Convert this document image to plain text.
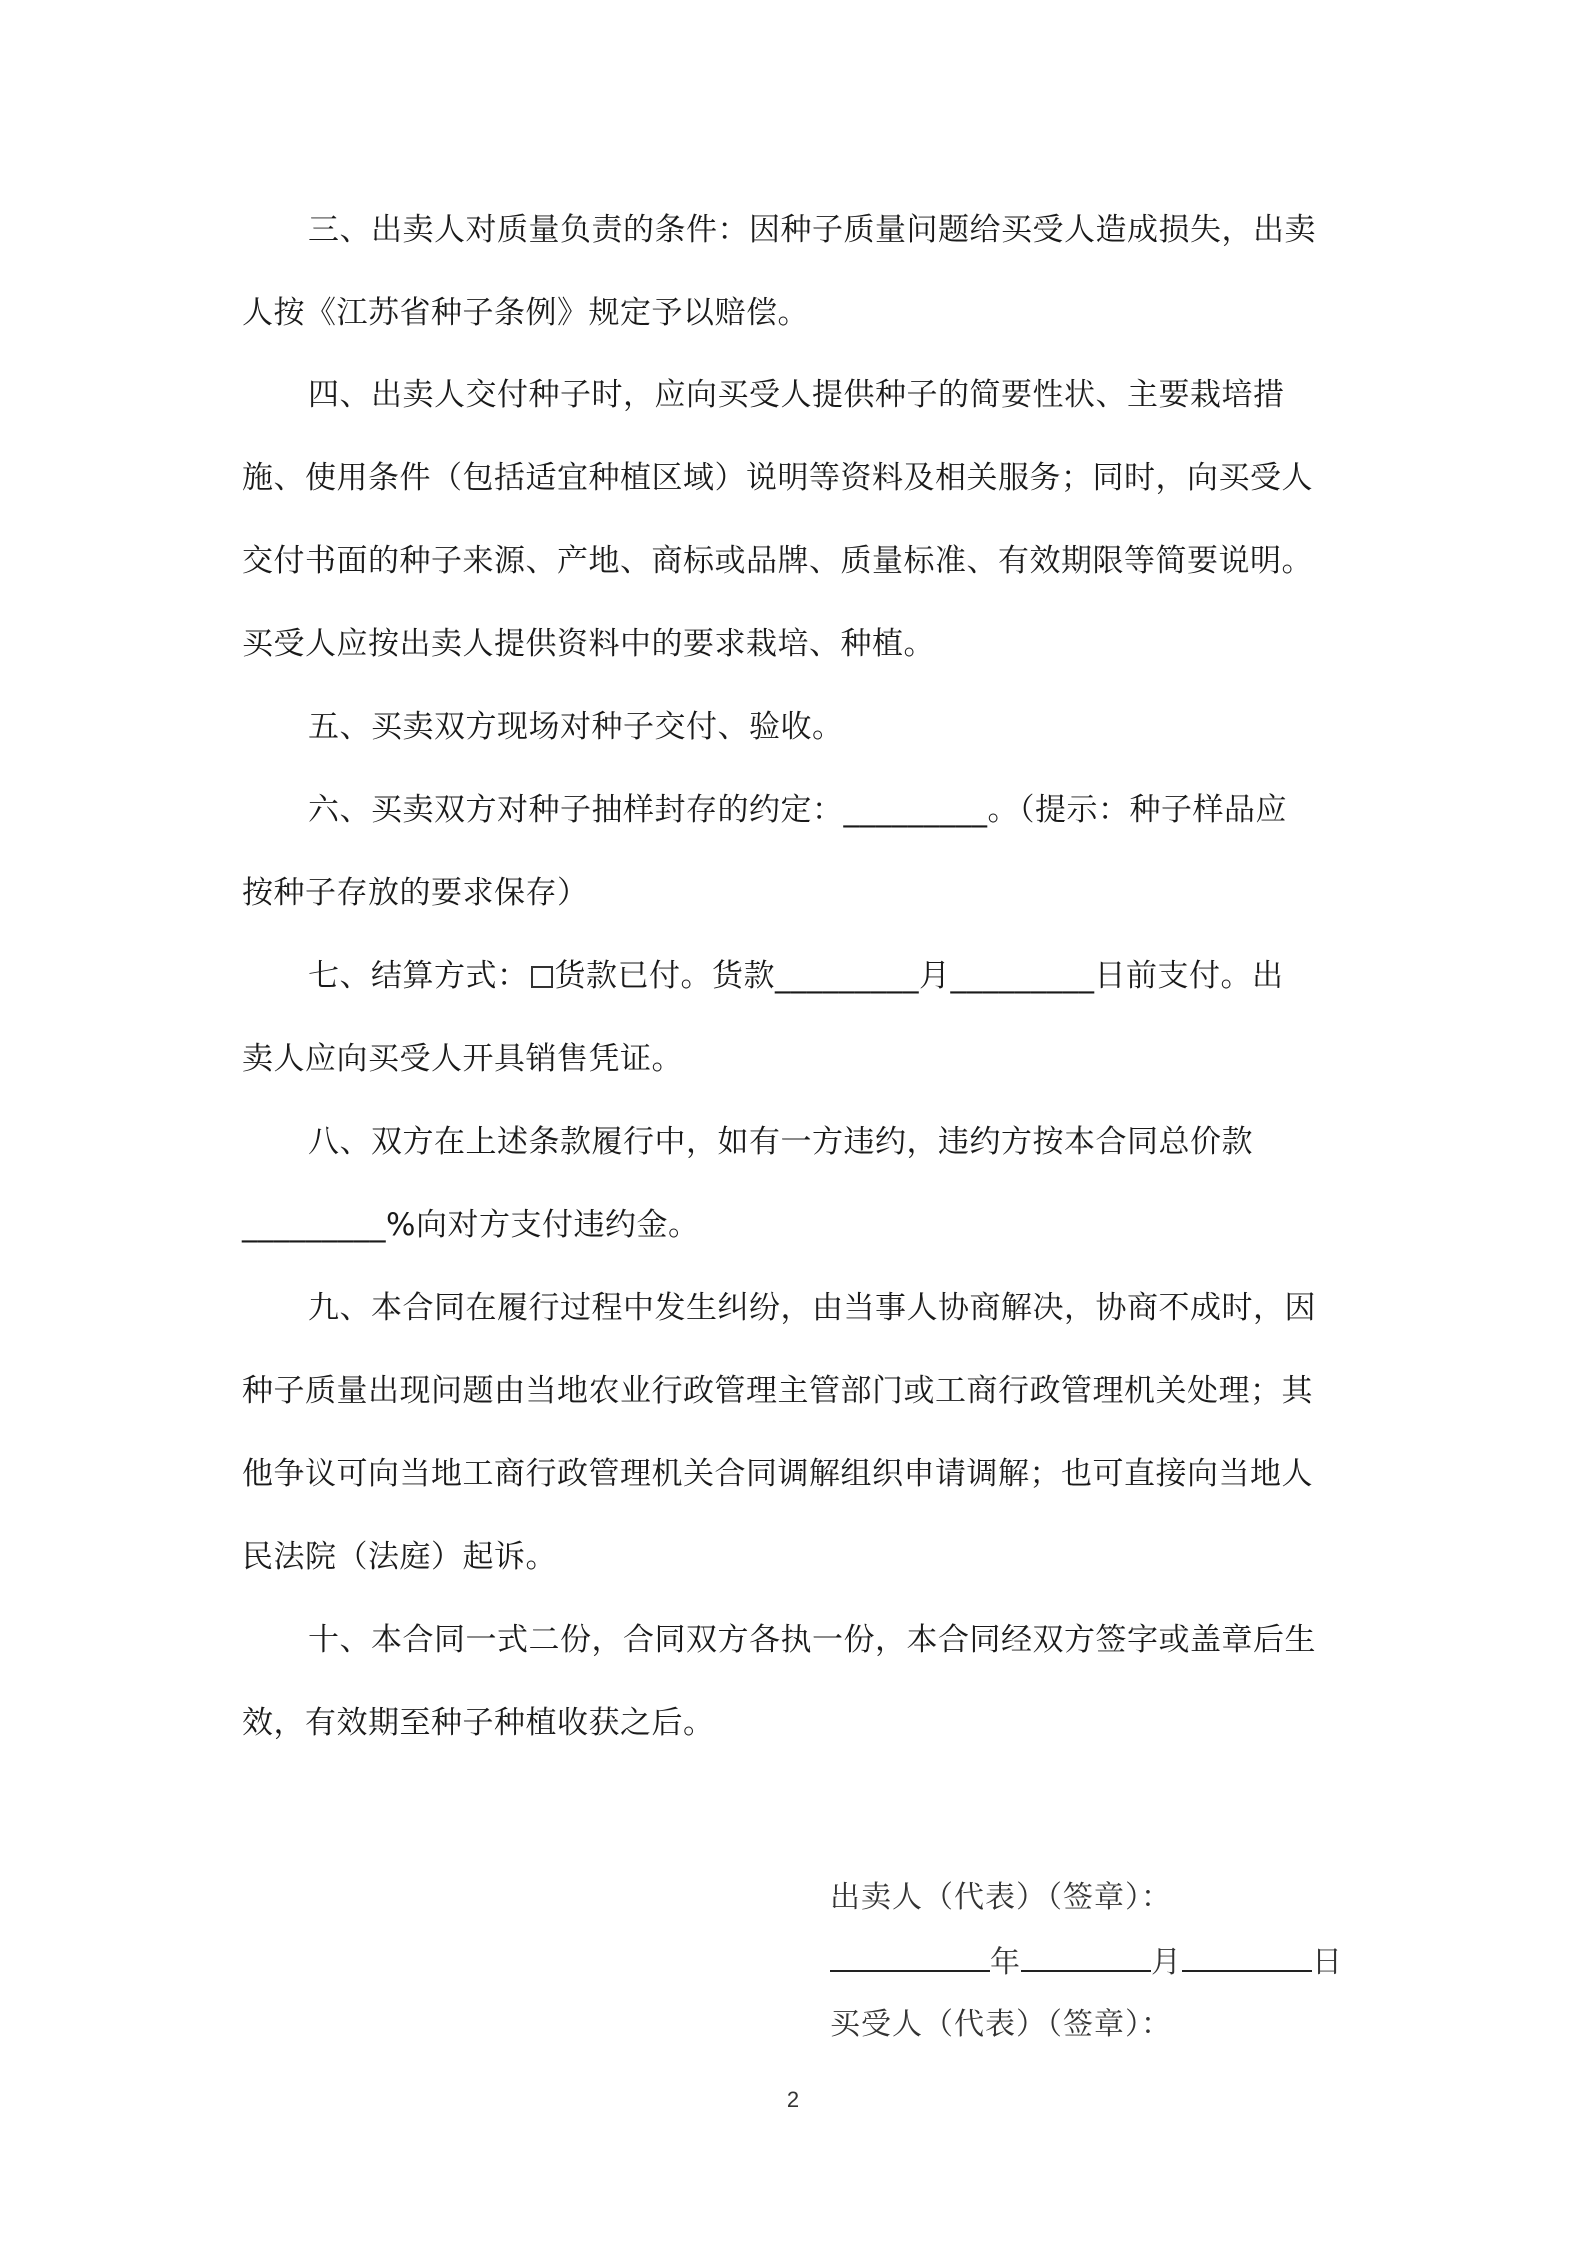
三、出卖人对质量负责的条件：因种子质量问题给买受人造成损失，出卖
人按《江苏省种子条例》规定予以赔偿。
四、出卖人交付种子时，应向买受人提供种子的简要性状、主要栽培措
施、使用条件（包括适宜种植区域）说明等资料及相关服务；同时，向买受人
交付书面的种子来源、产地、商标或品牌、质量标准、有效期限等简要说明。
买受人应按出卖人提供资料中的要求栽培、种植。
五、买卖双方现场对种子交付、验收。
六、买卖双方对种子抽样封存的约定：_________。（提示：种子样品应
按种子存放的要求保存）
七、结算方式： 货款已付。货款_________月_________日前支付。出
卖人应向买受人开具销售凭证。
八、双方在上述条款履行中，如有一方违约，违约方按本合同总价款
_________%向对方支付违约金。
九、本合同在履行过程中发生纠纷，由当事人协商解决，协商不成时，因
种子质量出现问题由当地农业行政管理主管部门或工商行政管理机关处理；其
他争议可向当地工商行政管理机关合同调解组织申请调解；也可直接向当地人
民法院（法庭）起诉。
十、本合同一式二份，合同双方各执一份，本合同经双方签字或盖章后生
效，有效期至种子种植收获之后。
出卖人（代表）（签章）：
年	月	日
买受人（代表）（签章）：
2
